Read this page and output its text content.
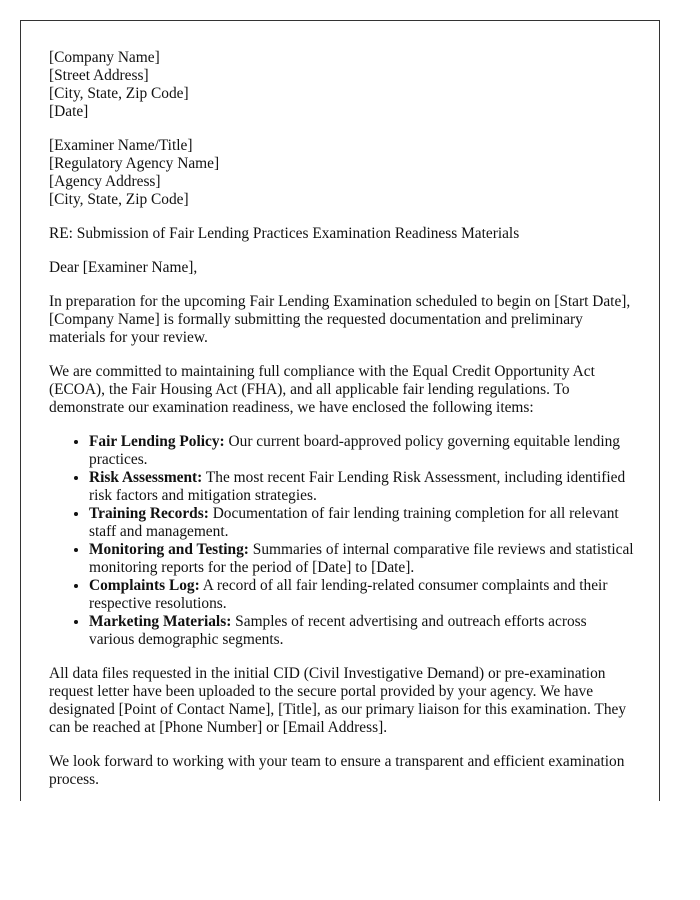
[Company Name]
[Street Address]
[City, State, Zip Code]
[Date]
[Examiner Name/Title]
[Regulatory Agency Name]
[Agency Address]
[City, State, Zip Code]

RE: Submission of Fair Lending Practices Examination Readiness Materials

Dear [Examiner Name],

In preparation for the upcoming Fair Lending Examination scheduled to begin on [Start Date], [Company Name] is formally submitting the requested documentation and preliminary materials for your review.

We are committed to maintaining full compliance with the Equal Credit Opportunity Act (ECOA), the Fair Housing Act (FHA), and all applicable fair lending regulations. To demonstrate our examination readiness, we have enclosed the following items:

• Fair Lending Policy: Our current board-approved policy governing equitable lending practices.
• Risk Assessment: The most recent Fair Lending Risk Assessment, including identified risk factors and mitigation strategies.
• Training Records: Documentation of fair lending training completion for all relevant staff and management.
• Monitoring and Testing: Summaries of internal comparative file reviews and statistical monitoring reports for the period of [Date] to [Date].
• Complaints Log: A record of all fair lending-related consumer complaints and their respective resolutions.
• Marketing Materials: Samples of recent advertising and outreach efforts across various demographic segments.

All data files requested in the initial CID (Civil Investigative Demand) or pre-examination request letter have been uploaded to the secure portal provided by your agency. We have designated [Point of Contact Name], [Title], as our primary liaison for this examination. They can be reached at [Phone Number] or [Email Address].

We look forward to working with your team to ensure a transparent and efficient examination process.
